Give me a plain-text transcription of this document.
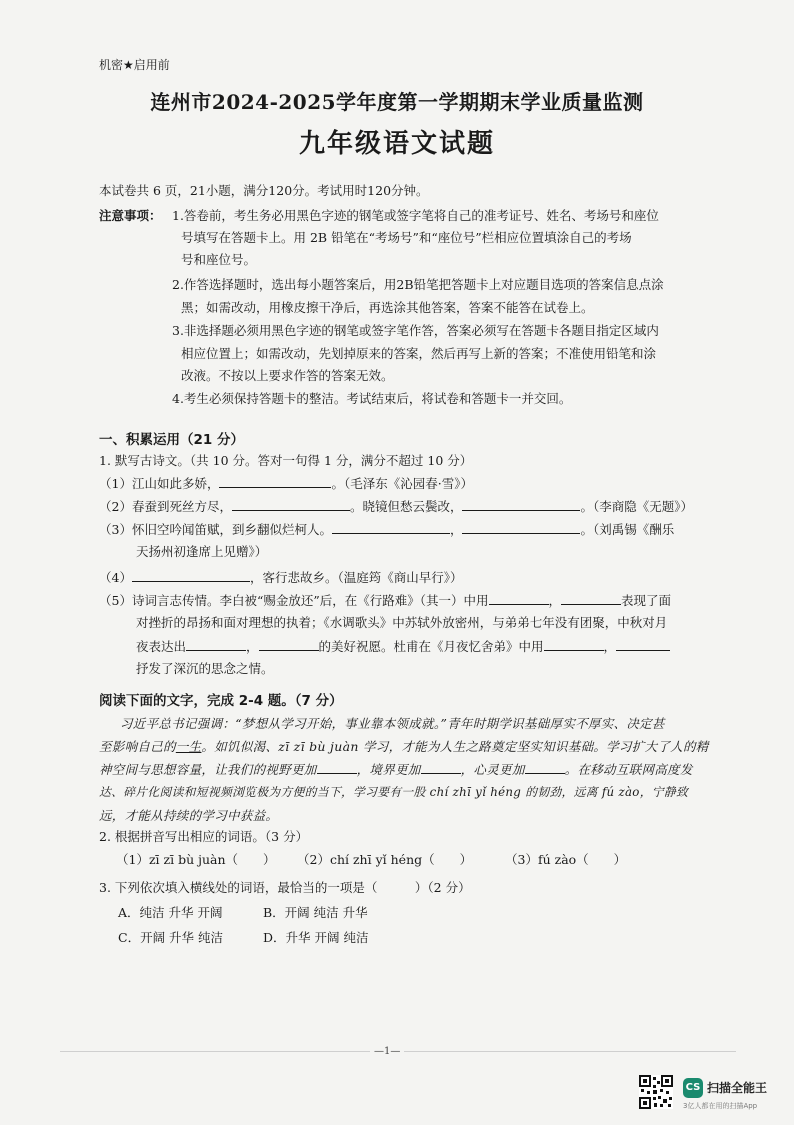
机密★启用前
连州市2024-2025学年度第一学期期末学业质量监测
九年级语文试题
本试卷共 6 页，21小题，满分120分。考试用时120分钟。
注意事项： 1.答卷前，考生务必用黑色字迹的钢笔或签字笔将自己的准考证号、姓名、考场号和座位
号填写在答题卡上。用 2B 铅笔在“考场号”和“座位号”栏相应位置填涂自己的考场
号和座位号。
2.作答选择题时，选出每小题答案后，用2B铅笔把答题卡上对应题目选项的答案信息点涂
黑；如需改动，用橡皮擦干净后，再选涂其他答案，答案不能答在试卷上。
3.非选择题必须用黑色字迹的钢笔或签字笔作答，答案必须写在答题卡各题目指定区域内
相应位置上；如需改动，先划掉原来的答案，然后再写上新的答案；不准使用铅笔和涂
改液。不按以上要求作答的答案无效。
4.考生必须保持答题卡的整洁。考试结束后，将试卷和答题卡一并交回。
一、积累运用（21 分）
1. 默写古诗文。（共 10 分。答对一句得 1 分，满分不超过 10 分）
（1）江山如此多娇，	。（毛泽东《沁园春·雪》）
（2）春蚕到死丝方尽，	。晓镜但愁云鬓改，	。（李商隐《无题》）
（3）怀旧空吟闻笛赋，到乡翻似烂柯人。	，	。（刘禹锡《酬乐
天扬州初逢席上见赠》）
（4）	，客行悲故乡。（温庭筠《商山早行》）
（5）诗词言志传情。李白被“赐金放还”后，在《行路难》（其一）中用	，	表现了面
对挫折的昂扬和面对理想的执着；《水调歌头》中苏轼外放密州，与弟弟七年没有团聚，中秋对月
夜表达出	，	的美好祝愿。杜甫在《月夜忆舍弟》中用	，
抒发了深沉的思念之情。
阅读下面的文字，完成 2-4 题。（7 分）
习近平总书记强调：“梦想从学习开始，事业靠本领成就。”青年时期学识基础厚实不厚实、决定甚
至影响自己的一生。如饥似渴、zī zī bù juàn 学习，才能为人生之路奠定坚实知识基础。学习扩大了人的精
神空间与思想容量，让我们的视野更加	，境界更加	，心灵更加	。在移动互联网高度发
达、碎片化阅读和短视频浏览极为方便的当下，学习要有一股 chí zhī yǐ héng 的韧劲，远离 fú zào，宁静致
远，才能从持续的学习中获益。
2. 根据拼音写出相应的词语。（3 分）
（1）zī zī bù juàn（　　） （2）chí zhī yǐ héng（　　）	（3）fú zào（　　）
3. 下列依次填入横线处的词语，最恰当的一项是（　　　）（2 分）
A．纯洁 升华 开阔	B．开阔 纯洁 升华
C．开阔 升华 纯洁	D．升华 开阔 纯洁
—1—
CS 扫描全能王
3亿人都在用的扫描App
